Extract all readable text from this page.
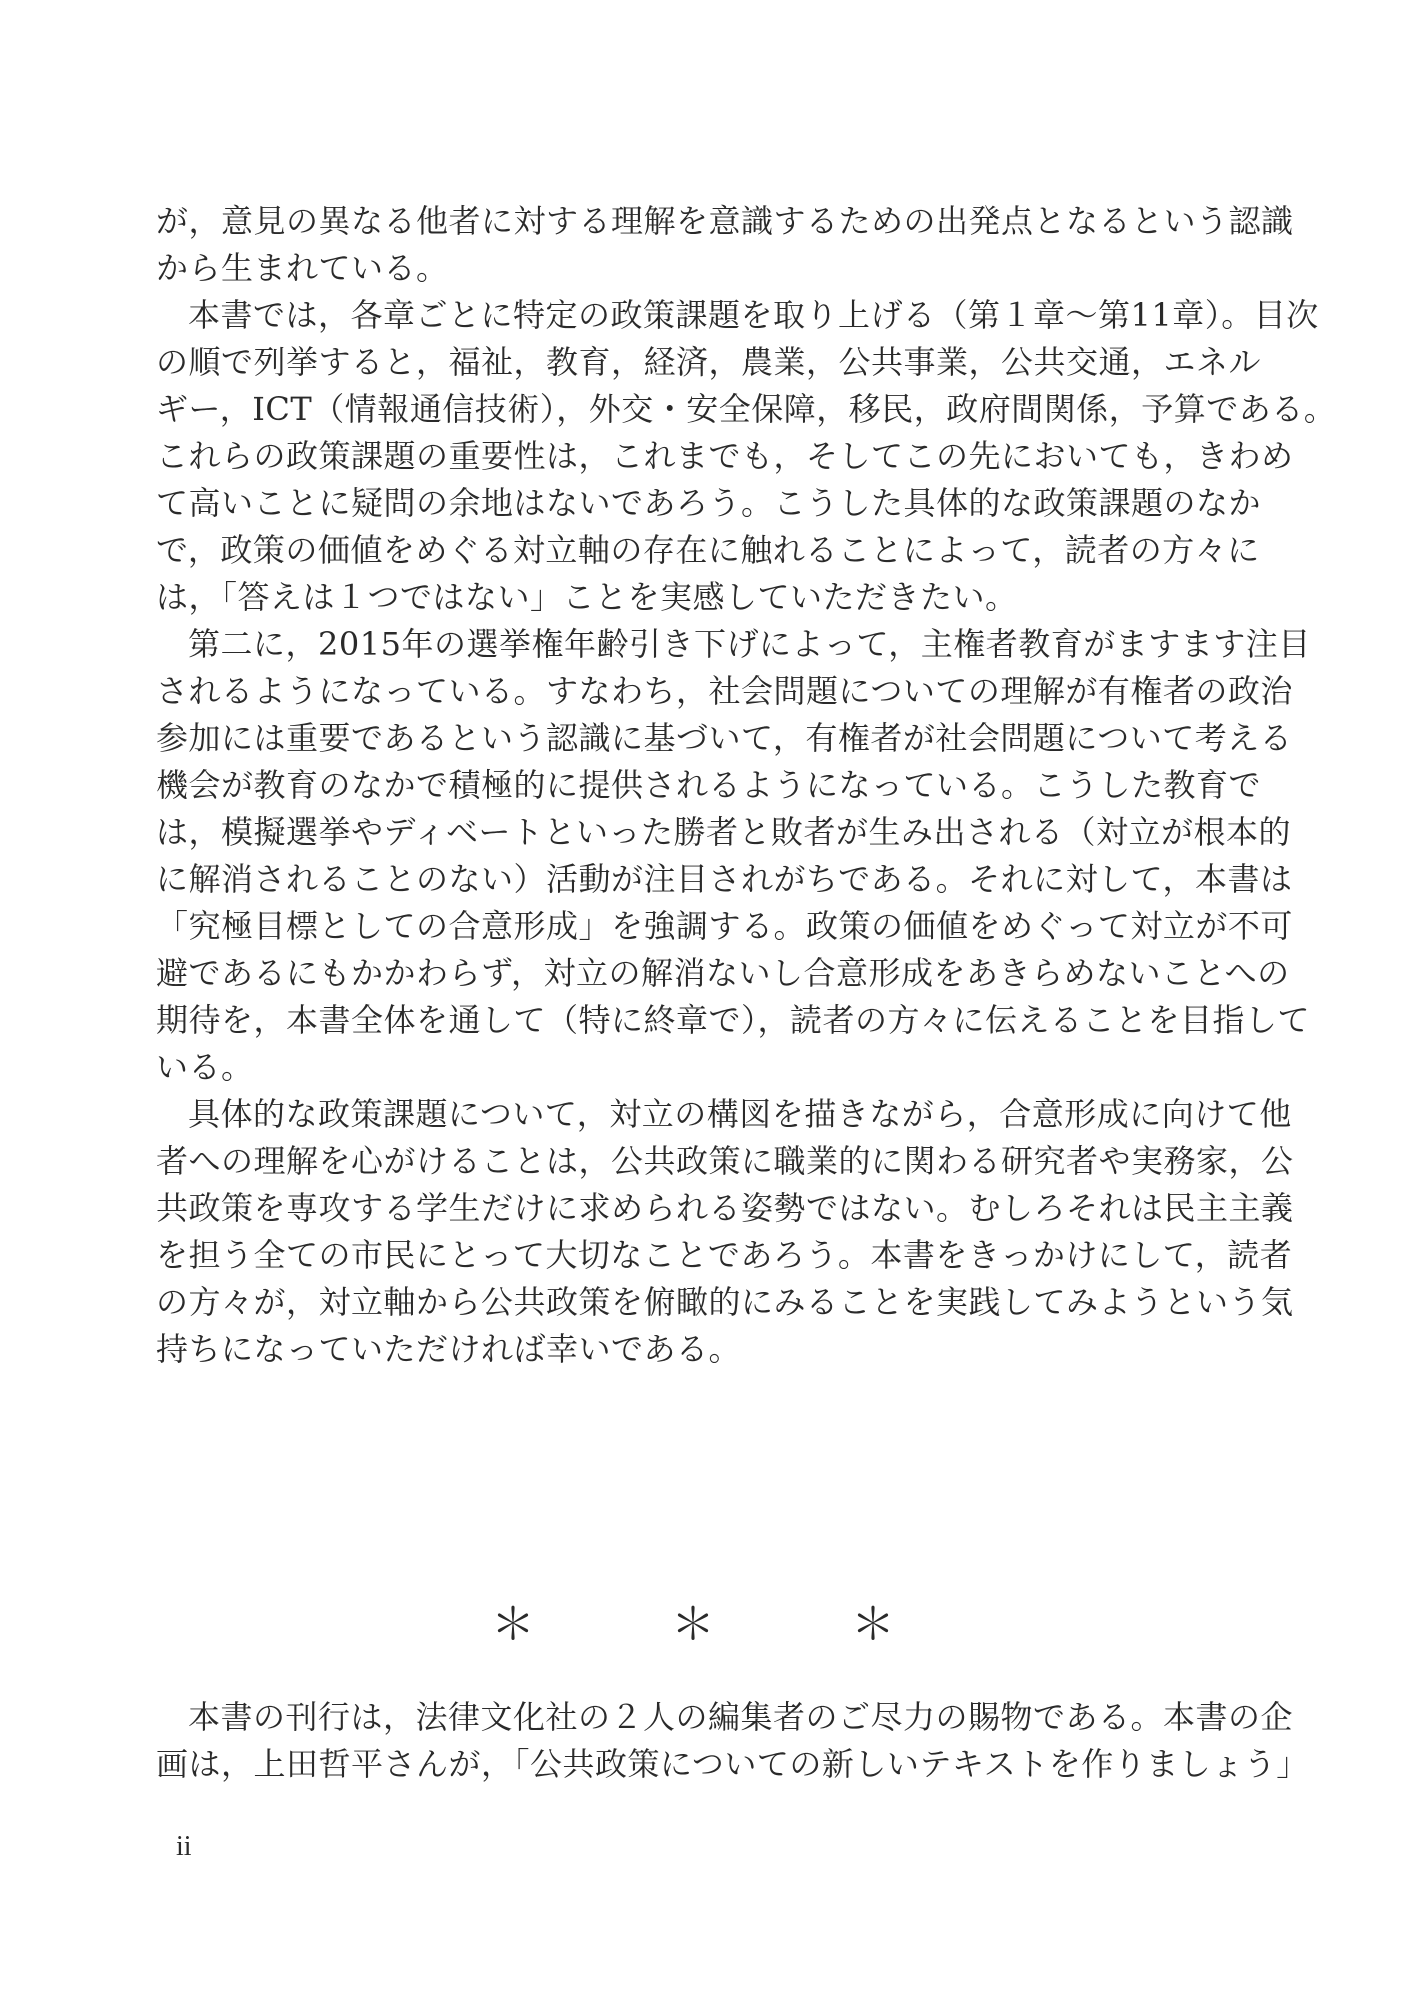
が，意見の異なる他者に対する理解を意識するための出発点となるという認識
から生まれている。
本書では，各章ごとに特定の政策課題を取り上げる（第１章〜第11章）。目次
の順で列挙すると，福祉，教育，経済，農業，公共事業，公共交通，エネル
ギー，ICT（情報通信技術），外交・安全保障，移民，政府間関係，予算である。
これらの政策課題の重要性は，これまでも，そしてこの先においても，きわめ
て高いことに疑問の余地はないであろう。こうした具体的な政策課題のなか
で，政策の価値をめぐる対立軸の存在に触れることによって，読者の方々に
は，「答えは１つではない」ことを実感していただきたい。
第二に，2015年の選挙権年齢引き下げによって，主権者教育がますます注目
されるようになっている。すなわち，社会問題についての理解が有権者の政治
参加には重要であるという認識に基づいて，有権者が社会問題について考える
機会が教育のなかで積極的に提供されるようになっている。こうした教育で
は，模擬選挙やディベートといった勝者と敗者が生み出される（対立が根本的
に解消されることのない）活動が注目されがちである。それに対して，本書は
「究極目標としての合意形成」を強調する。政策の価値をめぐって対立が不可
避であるにもかかわらず，対立の解消ないし合意形成をあきらめないことへの
期待を，本書全体を通して（特に終章で），読者の方々に伝えることを目指して
いる。
具体的な政策課題について，対立の構図を描きながら，合意形成に向けて他
者への理解を心がけることは，公共政策に職業的に関わる研究者や実務家，公
共政策を専攻する学生だけに求められる姿勢ではない。むしろそれは民主主義
を担う全ての市民にとって大切なことであろう。本書をきっかけにして，読者
の方々が，対立軸から公共政策を俯瞰的にみることを実践してみようという気
持ちになっていただければ幸いである。
＊	＊	＊
本書の刊行は，法律文化社の２人の編集者のご尽力の賜物である。本書の企
画は，上田哲平さんが，「公共政策についての新しいテキストを作りましょう」
ii
